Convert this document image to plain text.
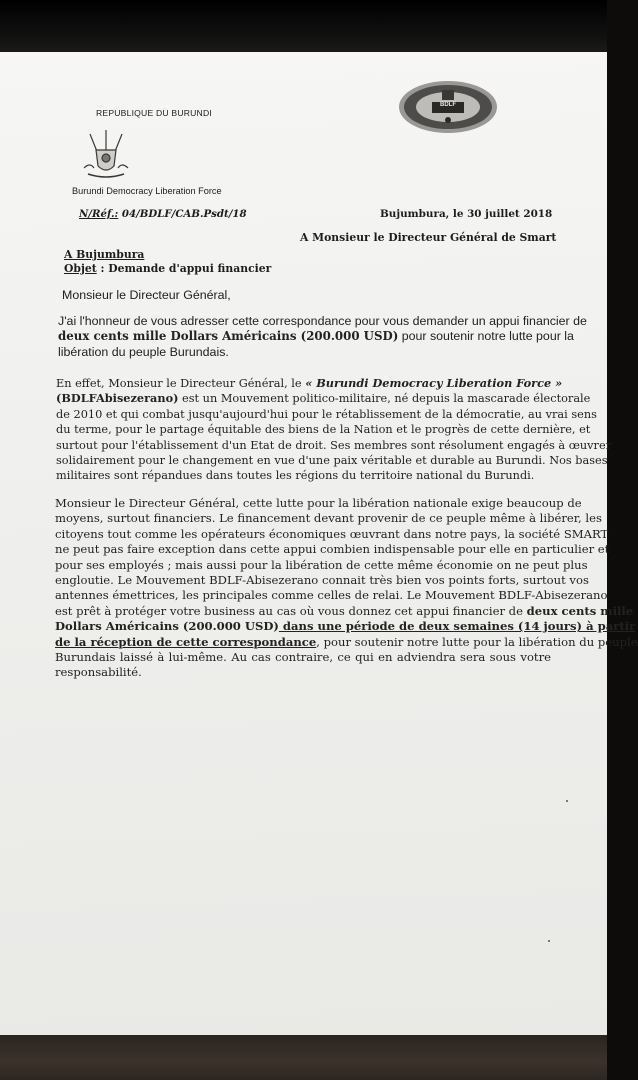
REPUBLIQUE DU BURUNDI
Burundi Democracy Liberation Force
BDLF
N/Réf.: 04/BDLF/CAB.Psdt/18	Bujumbura, le 30 juillet 2018
A Monsieur le Directeur Général de Smart
A Bujumbura
Objet : Demande d'appui financier
Monsieur le Directeur Général,
J'ai l'honneur de vous adresser cette correspondance pour vous demander un appui financier de
deux cents mille Dollars Américains (200.000 USD) pour soutenir notre lutte pour la
libération du peuple Burundais.
En effet, Monsieur le Directeur Général, le « Burundi Democracy Liberation Force »
(BDLFAbisezerano) est un Mouvement politico-militaire, né depuis la mascarade électorale
de 2010 et qui combat jusqu'aujourd'hui pour le rétablissement de la démocratie, au vrai sens
du terme, pour le partage équitable des biens de la Nation et le progrès de cette dernière, et
surtout pour l'établissement d'un Etat de droit. Ses membres sont résolument engagés à œuvrer
solidairement pour le changement en vue d'une paix véritable et durable au Burundi. Nos bases
militaires sont répandues dans toutes les régions du territoire national du Burundi.
Monsieur le Directeur Général, cette lutte pour la libération nationale exige beaucoup de
moyens, surtout financiers. Le financement devant provenir de ce peuple même à libérer, les
citoyens tout comme les opérateurs économiques œuvrant dans notre pays, la société SMART
ne peut pas faire exception dans cette appui combien indispensable pour elle en particulier et
pour ses employés ; mais aussi pour la libération de cette même économie on ne peut plus
engloutie. Le Mouvement BDLF-Abisezerano connait très bien vos points forts, surtout vos
antennes émettrices, les principales comme celles de relai. Le Mouvement BDLF-Abisezerano
est prêt à protéger votre business au cas où vous donnez cet appui financier de deux cents mille
Dollars Américains (200.000 USD) dans une période de deux semaines (14 jours) à partir
de la réception de cette correspondance, pour soutenir notre lutte pour la libération du peuple
Burundais laissé à lui-même. Au cas contraire, ce qui en adviendra sera sous votre
responsabilité.
